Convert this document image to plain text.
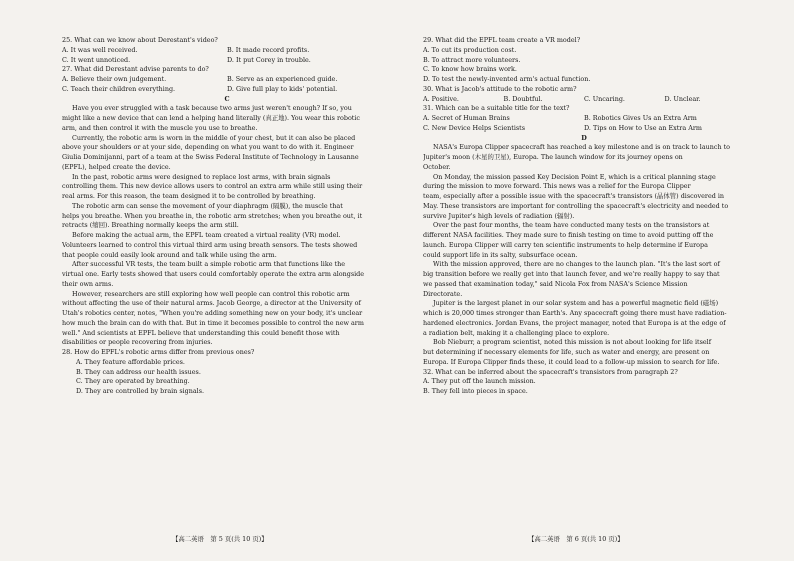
25. What can we know about Derestant's video?
A. It was well received.	B. It made record profits.
C. It went unnoticed.	D. It put Corey in trouble.
27. What did Derestant advise parents to do?
A. Believe their own judgement.	B. Serve as an experienced guide.
C. Teach their children everything.	D. Give full play to kids' potential.
C
Have you ever struggled with a task because two arms just weren't enough? If so, you
might like a new device that can lend a helping hand literally (真正地). You wear this robotic
arm, and then control it with the muscle you use to breathe.
Currently, the robotic arm is worn in the middle of your chest, but it can also be placed
above your shoulders or at your side, depending on what you want to do with it. Engineer
Giulia Dominijanni, part of a team at the Swiss Federal Institute of Technology in Lausanne
(EPFL), helped create the device.
In the past, robotic arms were designed to replace lost arms, with brain signals
controlling them. This new device allows users to control an extra arm while still using their
real arms. For this reason, the team designed it to be controlled by breathing.
The robotic arm can sense the movement of your diaphragm (隔膜), the muscle that
helps you breathe. When you breathe in, the robotic arm stretches; when you breathe out, it
retracts (缩回). Breathing normally keeps the arm still.
Before making the actual arm, the EPFL team created a virtual reality (VR) model.
Volunteers learned to control this virtual third arm using breath sensors. The tests showed
that people could easily look around and talk while using the arm.
After successful VR tests, the team built a simple robotic arm that functions like the
virtual one. Early tests showed that users could comfortably operate the extra arm alongside
their own arms.
However, researchers are still exploring how well people can control this robotic arm
without affecting the use of their natural arms. Jacob George, a director at the University of
Utah's robotics center, notes, "When you're adding something new on your body, it's unclear
how much the brain can do with that. But in time it becomes possible to control the new arm
well." And scientists at EPFL believe that understanding this could benefit those with
disabilities or people recovering from injuries.
28. How do EPFL's robotic arms differ from previous ones?
A. They feature affordable prices.
B. They can address our health issues.
C. They are operated by breathing.
D. They are controlled by brain signals.
【高二英语　第 5 页(共 10 页)】
29. What did the EPFL team create a VR model?
A. To cut its production cost.
B. To attract more volunteers.
C. To know how brains work.
D. To test the newly-invented arm's actual function.
30. What is Jacob's attitude to the robotic arm?
A. Positive.	B. Doubtful.	C. Uncaring.	D. Unclear.
31. Which can be a suitable title for the text?
A. Secret of Human Brains	B. Robotics Gives Us an Extra Arm
C. New Device Helps Scientists	D. Tips on How to Use an Extra Arm
D
NASA's Europa Clipper spacecraft has reached a key milestone and is on track to launch to
Jupiter's moon (木星的卫星), Europa. The launch window for its journey opens on
October.
On Monday, the mission passed Key Decision Point E, which is a critical planning stage
during the mission to move forward. This news was a relief for the Europa Clipper
team, especially after a possible issue with the spacecraft's transistors (晶体管) discovered in
May. These transistors are important for controlling the spacecraft's electricity and needed to
survive Jupiter's high levels of radiation (辐射).
Over the past four months, the team have conducted many tests on the transistors at
different NASA facilities. They made sure to finish testing on time to avoid putting off the
launch. Europa Clipper will carry ten scientific instruments to help determine if Europa
could support life in its salty, subsurface ocean.
With the mission approved, there are no changes to the launch plan. "It's the last sort of
big transition before we really get into that launch fever, and we're really happy to say that
we passed that examination today," said Nicola Fox from NASA's Science Mission
Directorate.
Jupiter is the largest planet in our solar system and has a powerful magnetic field (磁场)
which is 20,000 times stronger than Earth's. Any spacecraft going there must have radiation-
hardened electronics. Jordan Evans, the project manager, noted that Europa is at the edge of
a radiation belt, making it a challenging place to explore.
Bob Nieburr, a program scientist, noted this mission is not about looking for life itself
but determining if necessary elements for life, such as water and energy, are present on
Europa. If Europa Clipper finds these, it could lead to a follow-up mission to search for life.
32. What can be inferred about the spacecraft's transistors from paragraph 2?
A. They put off the launch mission.
B. They fell into pieces in space.
【高二英语　第 6 页(共 10 页)】
